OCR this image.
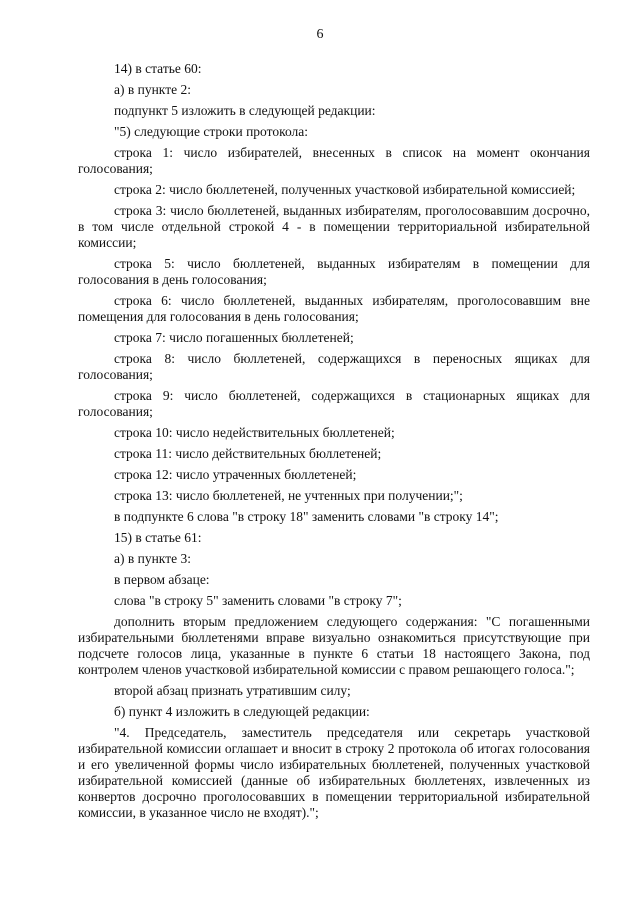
6

14) в статье 60:

а) в пункте 2:

подпункт 5 изложить в следующей редакции:

"5) следующие строки протокола:

строка 1: число избирателей, внесенных в список на момент окончания голосования;

строка 2: число бюллетеней, полученных участковой избирательной комиссией;

строка 3: число бюллетеней, выданных избирателям, проголосовавшим досрочно, в том числе отдельной строкой 4 - в помещении территориальной избирательной комиссии;

строка 5: число бюллетеней, выданных избирателям в помещении для голосования в день голосования;

строка 6: число бюллетеней, выданных избирателям, проголосовавшим вне помещения для голосования в день голосования;

строка 7: число погашенных бюллетеней;

строка 8: число бюллетеней, содержащихся в переносных ящиках для голосования;

строка 9: число бюллетеней, содержащихся в стационарных ящиках для голосования;

строка 10: число недействительных бюллетеней;

строка 11: число действительных бюллетеней;

строка 12: число утраченных бюллетеней;

строка 13: число бюллетеней, не учтенных при получении;";

в подпункте 6 слова "в строку 18" заменить словами "в строку 14";

15) в статье 61:

а) в пункте 3:

в первом абзаце:

слова "в строку 5" заменить словами "в строку 7";

дополнить вторым предложением следующего содержания: "С погашенными избирательными бюллетенями вправе визуально ознакомиться присутствующие при подсчете голосов лица, указанные в пункте 6 статьи 18 настоящего Закона, под контролем членов участковой избирательной комиссии с правом решающего голоса.";

второй абзац признать утратившим силу;

б) пункт 4 изложить в следующей редакции:

"4. Председатель, заместитель председателя или секретарь участковой избирательной комиссии оглашает и вносит в строку 2 протокола об итогах голосования и его увеличенной формы число избирательных бюллетеней, полученных участковой избирательной комиссией (данные об избирательных бюллетенях, извлеченных из конвертов досрочно проголосовавших в помещении территориальной избирательной комиссии, в указанное число не входят).";
